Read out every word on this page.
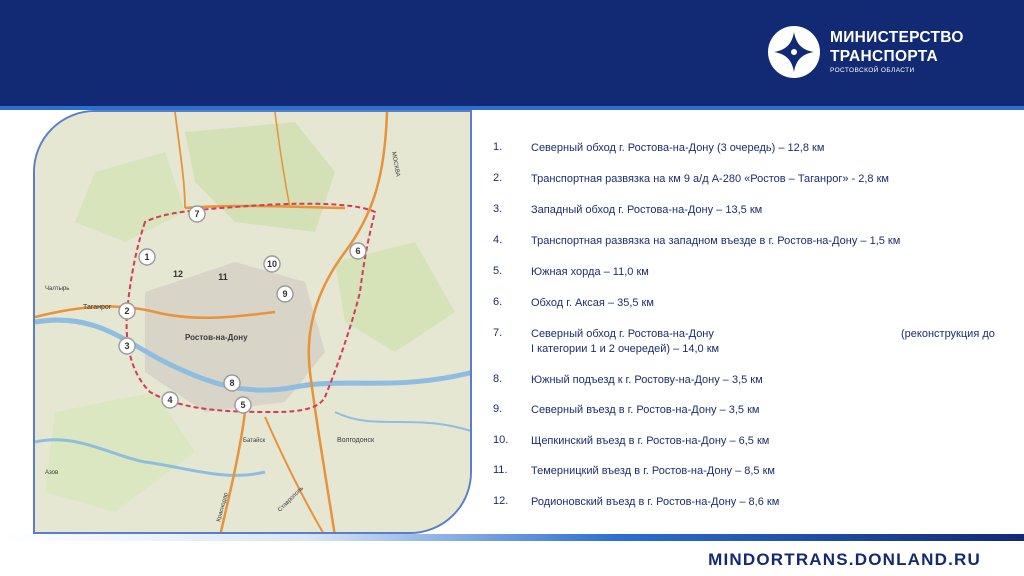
МИНИСТЕРСТВО
ТРАНСПОРТА
РОСТОВСКОЙ ОБЛАСТИ
Ростов-на-Дону
Таганрог
МОСКВА
Волгодонск
Батайск
Азов
Краснодар	Ставрополь
Чалтырь
1
2
3
4	5
6
7
8
9
10
11
12
1.	Северный обход г. Ростова-на-Дону (3 очередь) – 12,8 км
2.	Транспортная развязка на км 9 а/д А-280 «Ростов – Таганрог» - 2,8 км
3.	Западный обход г. Ростова-на-Дону – 13,5 км
4.	Транспортная развязка на западном въезде в г. Ростов-на-Дону – 1,5 км
5.	Южная хорда – 11,0 км
6.	Обход г. Аксая – 35,5 км
7.	Северный обход г. Ростова-на-Дону	(реконструкция до
I категории 1 и 2 очередей) – 14,0 км
8.	Южный подъезд к г. Ростову-на-Дону – 3,5 км
9.	Северный въезд в г. Ростов-на-Дону – 3,5 км
10. Щепкинский въезд в г. Ростов-на-Дону – 6,5 км
11. Темерницкий въезд в г. Ростов-на-Дону – 8,5 км
12. Родионовский въезд в г. Ростов-на-Дону – 8,6 км
MINDORTRANS.DONLAND.RU
